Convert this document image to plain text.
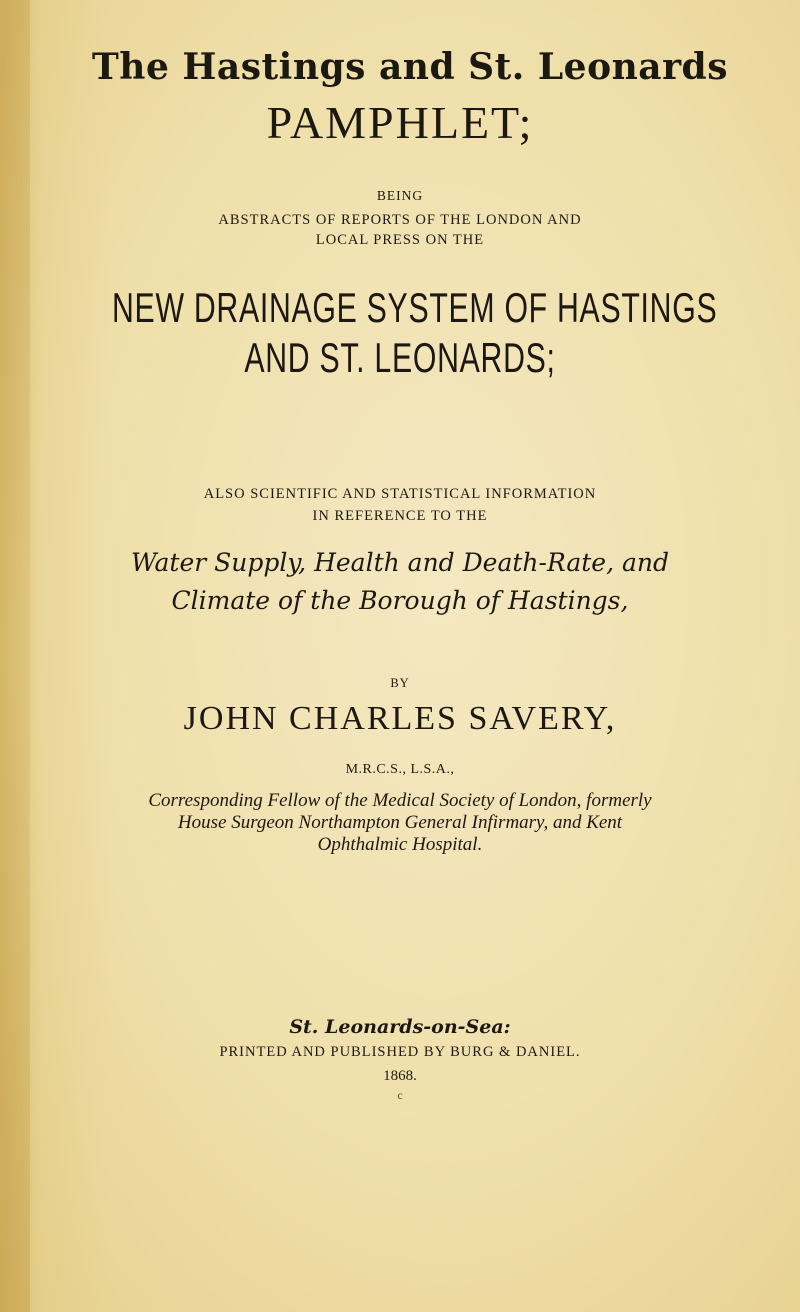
The Hastings and St. Leonards
PAMPHLET;
BEING
ABSTRACTS OF REPORTS OF THE LONDON AND
LOCAL PRESS ON THE
NEW DRAINAGE SYSTEM OF HASTINGS
AND ST. LEONARDS;
ALSO SCIENTIFIC AND STATISTICAL INFORMATION
IN REFERENCE TO THE
Water Supply, Health and Death-Rate, and
Climate of the Borough of Hastings,
BY
JOHN CHARLES SAVERY,
M.R.C.S., L.S.A.,
Corresponding Fellow of the Medical Society of London, formerly
House Surgeon Northampton General Infirmary, and Kent
Ophthalmic Hospital.
St. Leonards-on-Sea:
PRINTED AND PUBLISHED BY BURG & DANIEL.
1868.
c
